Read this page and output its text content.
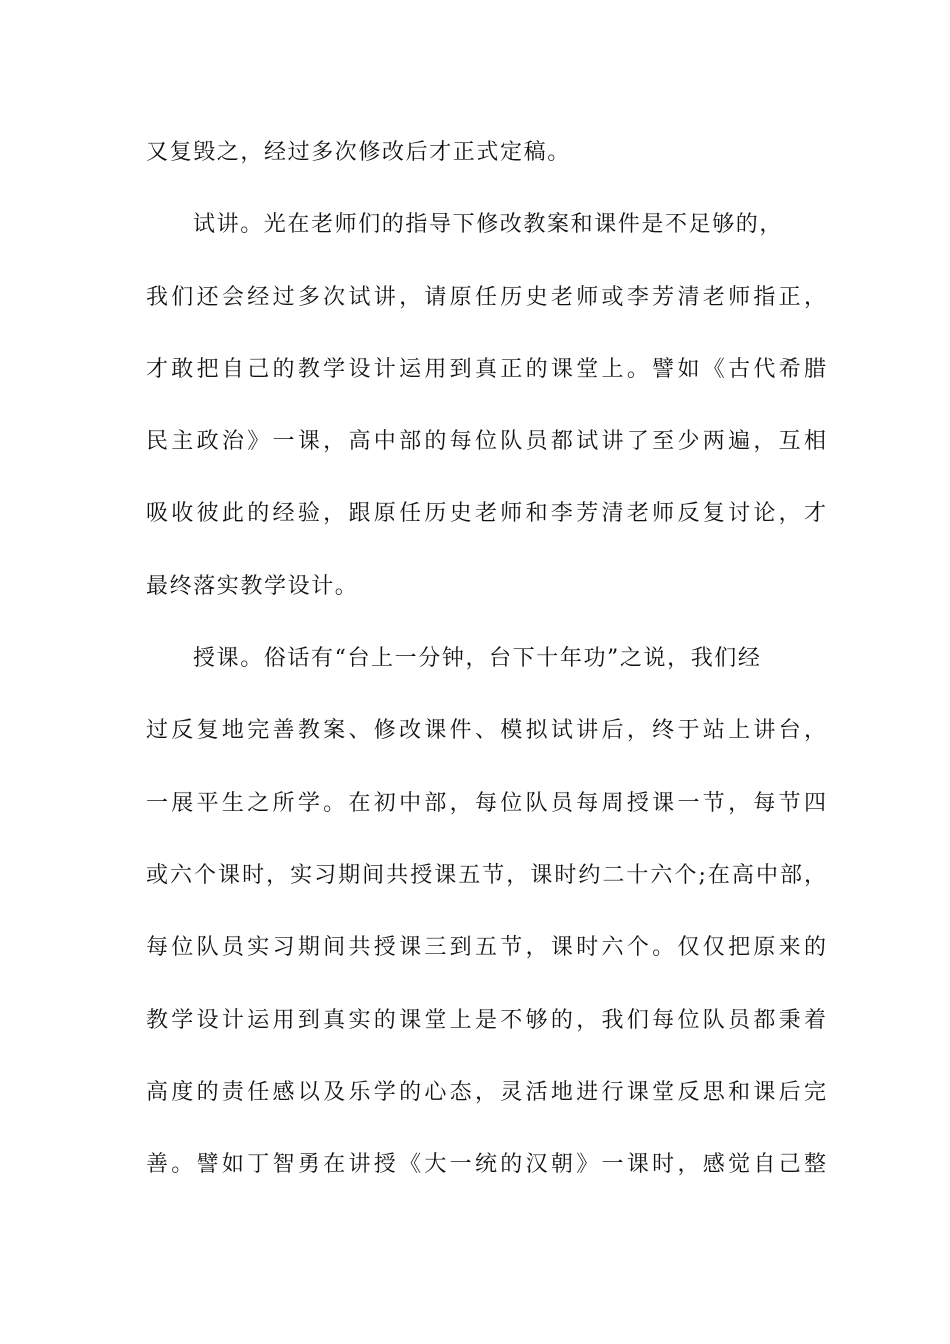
又复毁之，经过多次修改后才正式定稿。
试讲。光在老师们的指导下修改教案和课件是不足够的，
我们还会经过多次试讲，请原任历史老师或李芳清老师指正，
才敢把自己的教学设计运用到真正的课堂上。譬如《古代希腊
民主政治》一课，高中部的每位队员都试讲了至少两遍，互相
吸收彼此的经验，跟原任历史老师和李芳清老师反复讨论，才
最终落实教学设计。
授课。俗话有“台上一分钟，台下十年功”之说，我们经
过反复地完善教案、修改课件、模拟试讲后，终于站上讲台，
一展平生之所学。在初中部，每位队员每周授课一节，每节四
或六个课时，实习期间共授课五节，课时约二十六个;在高中部，
每位队员实习期间共授课三到五节，课时六个。仅仅把原来的
教学设计运用到真实的课堂上是不够的，我们每位队员都秉着
高度的责任感以及乐学的心态，灵活地进行课堂反思和课后完
善。譬如丁智勇在讲授《大一统的汉朝》一课时，感觉自己整
